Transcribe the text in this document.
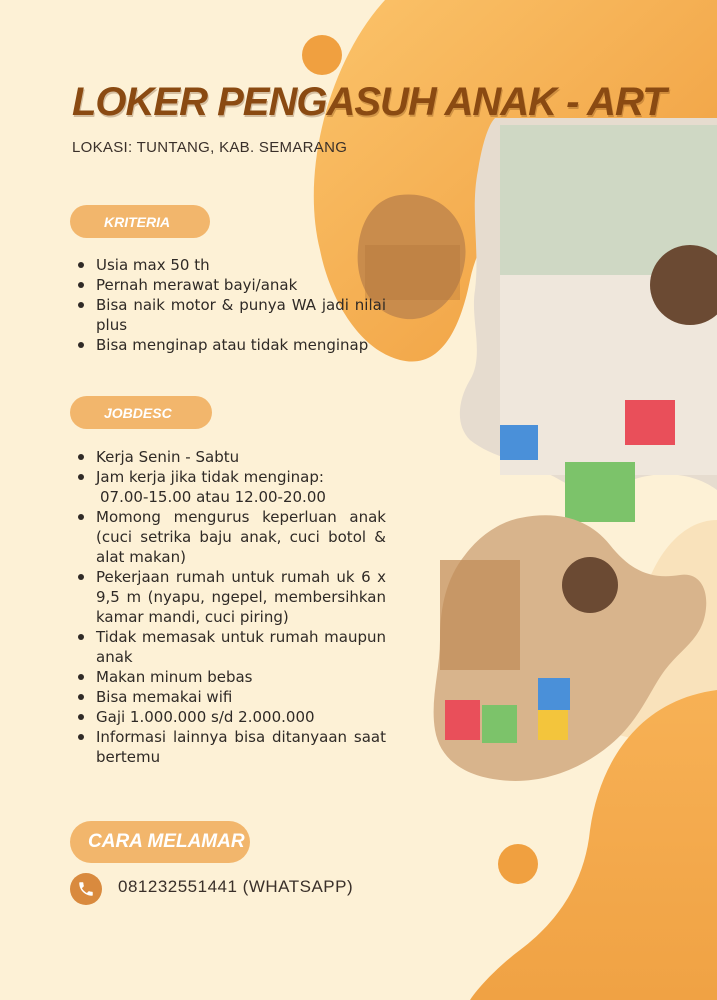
LOKER PENGASUH ANAK - ART
LOKASI: TUNTANG, KAB. SEMARANG
KRITERIA
Usia max 50 th
Pernah merawat bayi/anak
Bisa naik motor & punya WA jadi nilai plus
Bisa menginap atau tidak menginap
JOBDESC
Kerja Senin - Sabtu
Jam kerja jika tidak menginap:
07.00-15.00 atau 12.00-20.00
Momong mengurus keperluan anak (cuci setrika baju anak, cuci botol & alat makan)
Pekerjaan rumah untuk rumah uk 6 x 9,5 m (nyapu, ngepel, membersihkan kamar mandi, cuci piring)
Tidak memasak untuk rumah maupun anak
Makan minum bebas
Bisa memakai wifi
Gaji 1.000.000 s/d 2.000.000
Informasi lainnya bisa ditanyaan saat bertemu
CARA MELAMAR
081232551441 (WHATSAPP)
